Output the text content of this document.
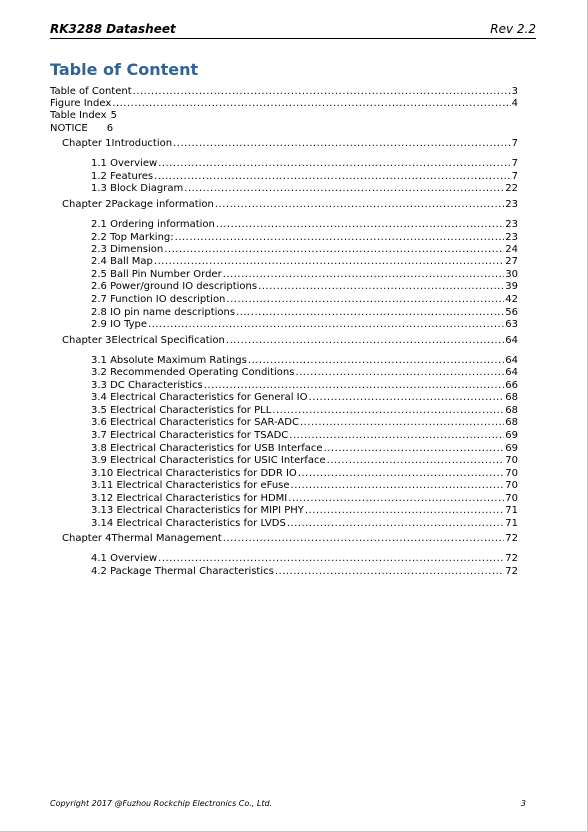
RK3288 Datasheet	Rev 2.2
Table of Content
Table of Content .....	3
Figure Index .....	4
Table Index 5
NOTICE 6
Chapter 1 Introduction .....	7
1.1 Overview .....	7
1.2 Features .....	7
1.3 Block Diagram .....	22
Chapter 2 Package information .....	23
2.1 Ordering information .....	23
2.2 Top Marking: .....	23
2.3 Dimension .....	24
2.4 Ball Map .....	27
2.5 Ball Pin Number Order .....	30
2.6 Power/ground IO descriptions .....	39
2.7 Function IO description .....	42
2.8 IO pin name descriptions .....	56
2.9 IO Type .....	63
Chapter 3 Electrical Specification .....	64
3.1 Absolute Maximum Ratings .....	64
3.2 Recommended Operating Conditions .....	64
3.3 DC Characteristics .....	66
3.4 Electrical Characteristics for General IO .....	68
3.5 Electrical Characteristics for PLL .....	68
3.6 Electrical Characteristics for SAR-ADC .....	68
3.7 Electrical Characteristics for TSADC .....	69
3.8 Electrical Characteristics for USB Interface .....	69
3.9 Electrical Characteristics for USIC Interface .....	70
3.10 Electrical Characteristics for DDR IO .....	70
3.11 Electrical Characteristics for eFuse .....	70
3.12 Electrical Characteristics for HDMI .....	70
3.13 Electrical Characteristics for MIPI PHY .....	71
3.14 Electrical Characteristics for LVDS .....	71
Chapter 4 Thermal Management .....	72
4.1 Overview .....	72
4.2 Package Thermal Characteristics .....	72
Copyright 2017 @Fuzhou Rockchip Electronics Co., Ltd.	3
